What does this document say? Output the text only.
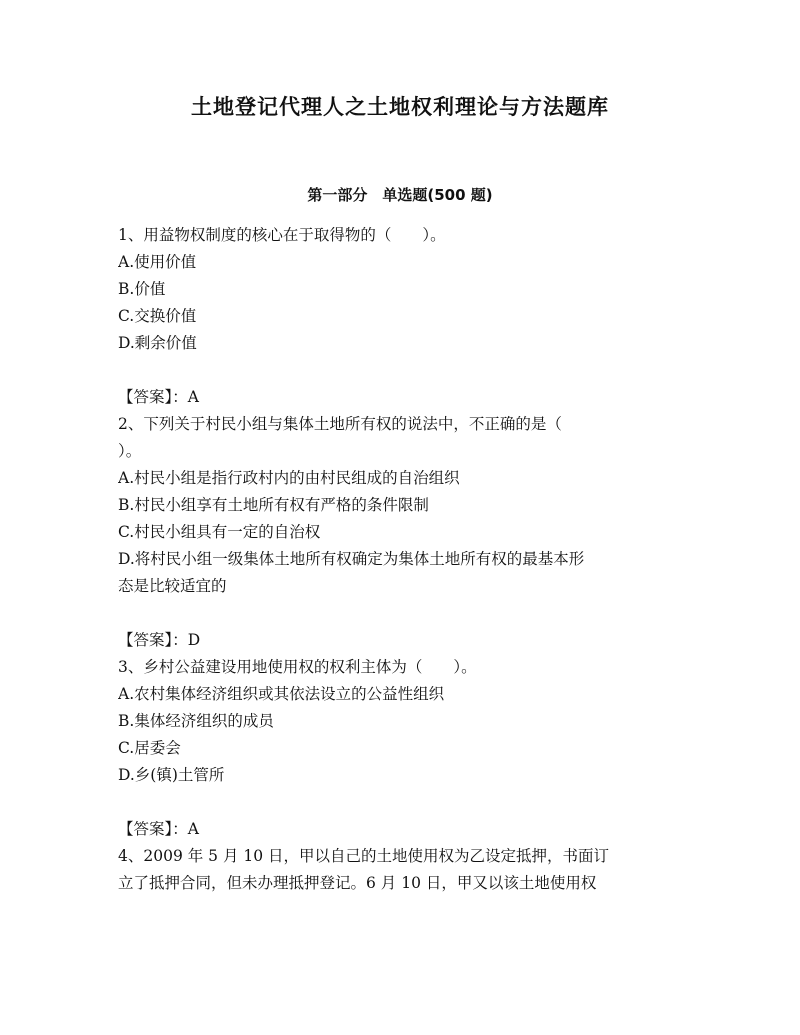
土地登记代理人之土地权利理论与方法题库
第一部分　单选题(500 题)
1、用益物权制度的核心在于取得物的（　　）。
A.使用价值
B.价值
C.交换价值
D.剩余价值
【答案】：A
2、下列关于村民小组与集体土地所有权的说法中，不正确的是（
）。
A.村民小组是指行政村内的由村民组成的自治组织
B.村民小组享有土地所有权有严格的条件限制
C.村民小组具有一定的自治权
D.将村民小组一级集体土地所有权确定为集体土地所有权的最基本形
态是比较适宜的
【答案】：D
3、乡村公益建设用地使用权的权利主体为（　　）。
A.农村集体经济组织或其依法设立的公益性组织
B.集体经济组织的成员
C.居委会
D.乡(镇)土管所
【答案】：A
4、2009 年 5 月 10 日，甲以自己的土地使用权为乙设定抵押，书面订
立了抵押合同，但未办理抵押登记。6 月 10 日，甲又以该土地使用权
